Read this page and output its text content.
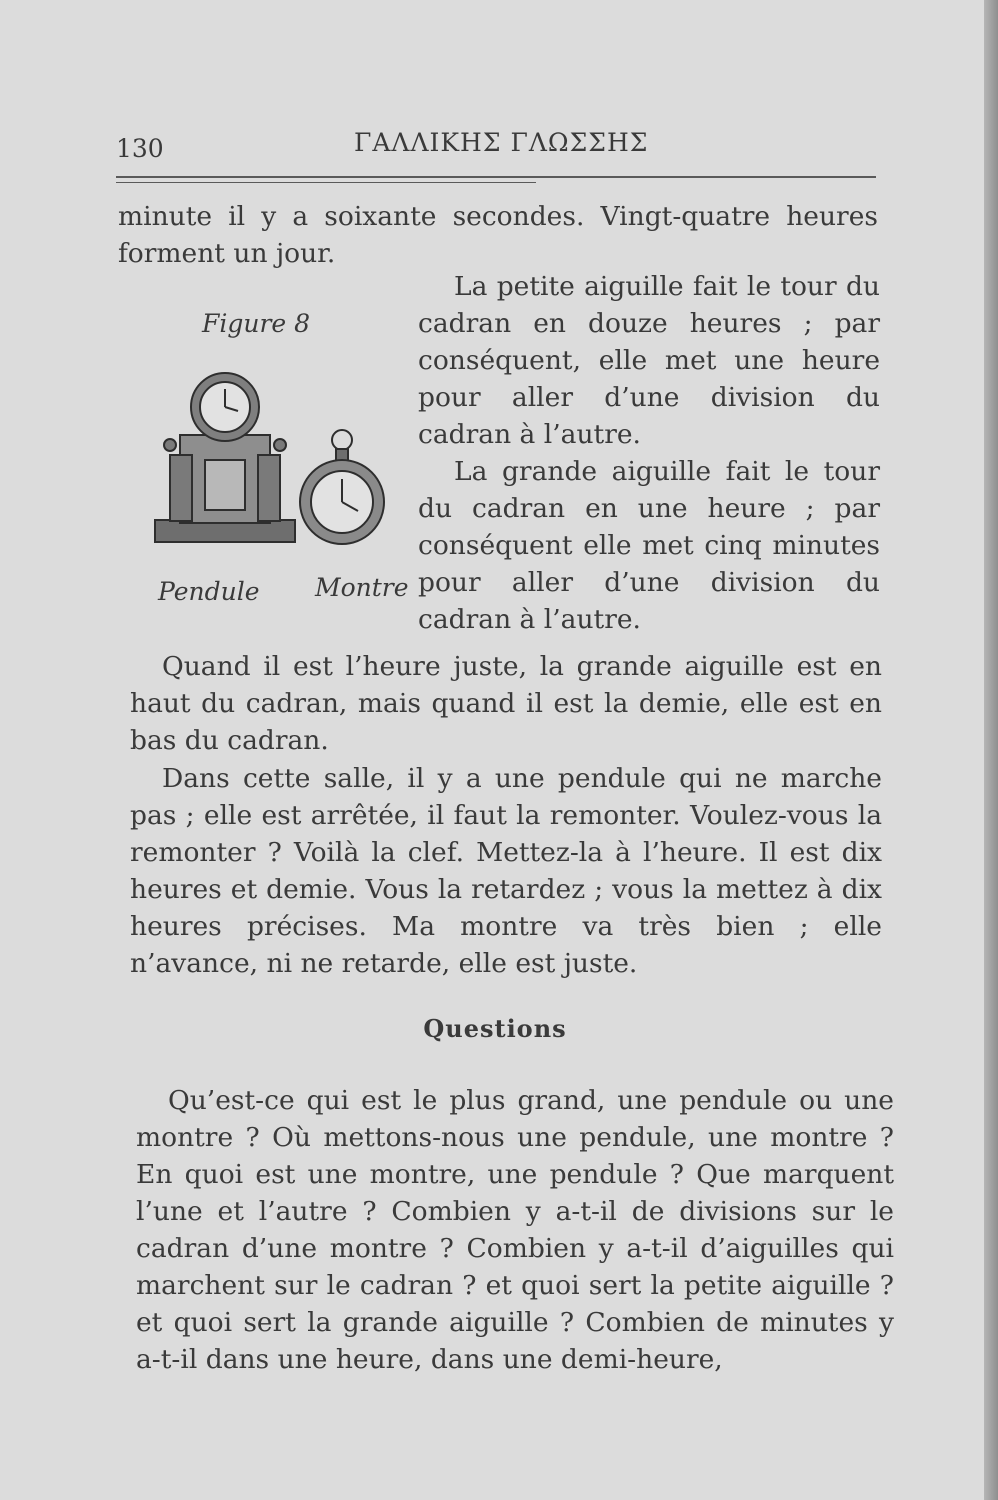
130	ΓΑΛΛΙΚΗΣ ΓΛΩΣΣΗΣ

minute il y a soixante secondes. Vingt-quatre heures forment un jour.

Figure 8
Pendule Montre

La petite aiguille fait le tour du cadran en douze heures ; par conséquent, elle met une heure pour aller d’une division du cadran à l’autre.

La grande aiguille fait le tour du cadran en une heure ; par conséquent elle met cinq minutes pour aller d’une division du cadran à l’autre.

Quand il est l’heure juste, la grande aiguille est en haut du cadran, mais quand il est la demie, elle est en bas du cadran.

Dans cette salle, il y a une pendule qui ne marche pas ; elle est arrêtée, il faut la remonter. Voulez-vous la remonter ? Voilà la clef. Mettez-la à l’heure. Il est dix heures et demie. Vous la retardez ; vous la mettez à dix heures précises. Ma montre va très bien ; elle n’avance, ni ne retarde, elle est juste.

Questions

Qu’est-ce qui est le plus grand, une pendule ou une montre ? Où mettons-nous une pendule, une montre ? En quoi est une montre, une pendule ? Que marquent l’une et l’autre ? Combien y a-t-il de divisions sur le cadran d’une montre ? Combien y a-t-il d’aiguilles qui marchent sur le cadran ? et quoi sert la petite aiguille ? et quoi sert la grande aiguille ? Combien de minutes y a-t-il dans une heure, dans une demi-heure,
